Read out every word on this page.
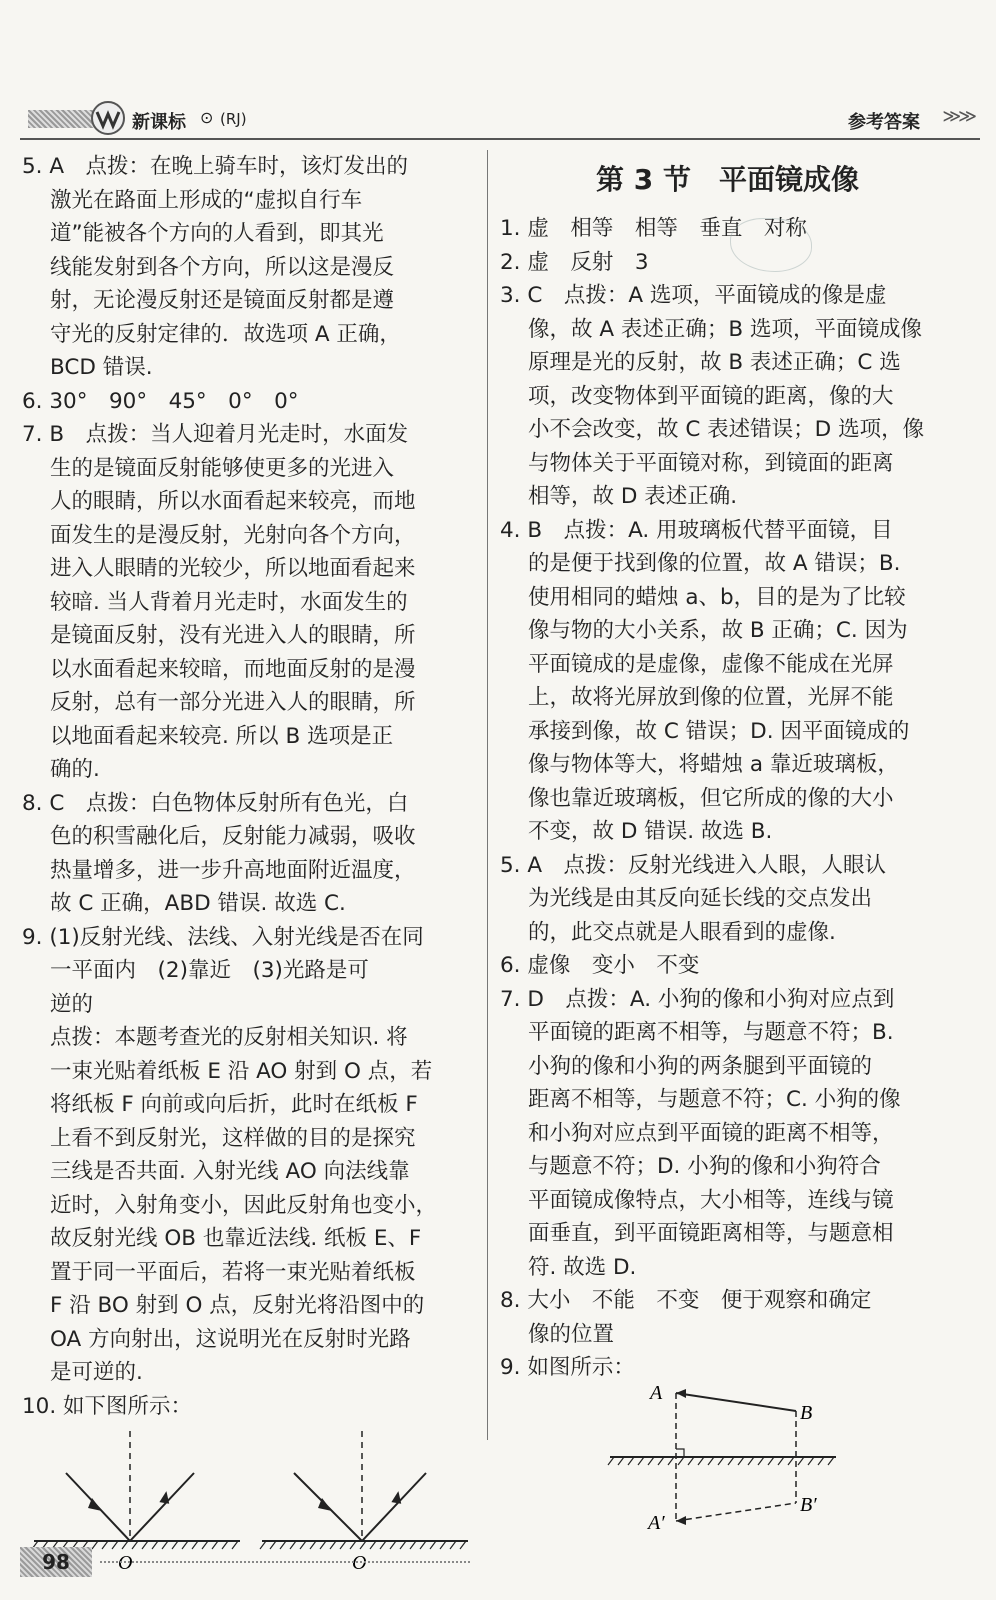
新课标 ⊙ (RJ)	参考答案 ≫≫
5. A　点拨：在晚上骑车时，该灯发出的
激光在路面上形成的“虚拟自行车
道”能被各个方向的人看到，即其光
线能发射到各个方向，所以这是漫反
射，无论漫反射还是镜面反射都是遵
守光的反射定律的．故选项 A 正确，
BCD 错误.
6. 30°　90°　45°　0°　0°
7. B　点拨：当人迎着月光走时，水面发
生的是镜面反射能够使更多的光进入
人的眼睛，所以水面看起来较亮，而地
面发生的是漫反射，光射向各个方向，
进入人眼睛的光较少，所以地面看起来
较暗. 当人背着月光走时，水面发生的
是镜面反射，没有光进入人的眼睛，所
以水面看起来较暗，而地面反射的是漫
反射，总有一部分光进入人的眼睛，所
以地面看起来较亮. 所以 B 选项是正
确的.
8. C　点拨：白色物体反射所有色光，白
色的积雪融化后，反射能力减弱，吸收
热量增多，进一步升高地面附近温度，
故 C 正确，ABD 错误. 故选 C.
9. (1)反射光线、法线、入射光线是否在同
一平面内　(2)靠近　(3)光路是可
逆的
点拨：本题考查光的反射相关知识. 将
一束光贴着纸板 E 沿 AO 射到 O 点，若
将纸板 F 向前或向后折，此时在纸板 F
上看不到反射光，这样做的目的是探究
三线是否共面. 入射光线 AO 向法线靠
近时，入射角变小，因此反射角也变小，
故反射光线 OB 也靠近法线. 纸板 E、F
置于同一平面后，若将一束光贴着纸板
F 沿 BO 射到 O 点，反射光将沿图中的
OA 方向射出，这说明光在反射时光路
是可逆的.
10. 如下图所示：
O	O
第 3 节　平面镜成像
1. 虚　相等　相等　垂直　对称
2. 虚　反射　3
3. C　点拨：A 选项，平面镜成的像是虚
像，故 A 表述正确；B 选项，平面镜成像
原理是光的反射，故 B 表述正确；C 选
项，改变物体到平面镜的距离，像的大
小不会改变，故 C 表述错误；D 选项，像
与物体关于平面镜对称，到镜面的距离
相等，故 D 表述正确.
4. B　点拨：A. 用玻璃板代替平面镜，目
的是便于找到像的位置，故 A 错误；B.
使用相同的蜡烛 a、b，目的是为了比较
像与物的大小关系，故 B 正确；C. 因为
平面镜成的是虚像，虚像不能成在光屏
上，故将光屏放到像的位置，光屏不能
承接到像，故 C 错误；D. 因平面镜成的
像与物体等大，将蜡烛 a 靠近玻璃板，
像也靠近玻璃板，但它所成的像的大小
不变，故 D 错误. 故选 B.
5. A　点拨：反射光线进入人眼，人眼认
为光线是由其反向延长线的交点发出
的，此交点就是人眼看到的虚像.
6. 虚像　变小　不变
7. D　点拨：A. 小狗的像和小狗对应点到
平面镜的距离不相等，与题意不符；B.
小狗的像和小狗的两条腿到平面镜的
距离不相等，与题意不符；C. 小狗的像
和小狗对应点到平面镜的距离不相等，
与题意不符；D. 小狗的像和小狗符合
平面镜成像特点，大小相等，连线与镜
面垂直，到平面镜距离相等，与题意相
符. 故选 D.
8. 大小　不能　不变　便于观察和确定
像的位置
9. 如图所示：
A
B
A′
B′
98
